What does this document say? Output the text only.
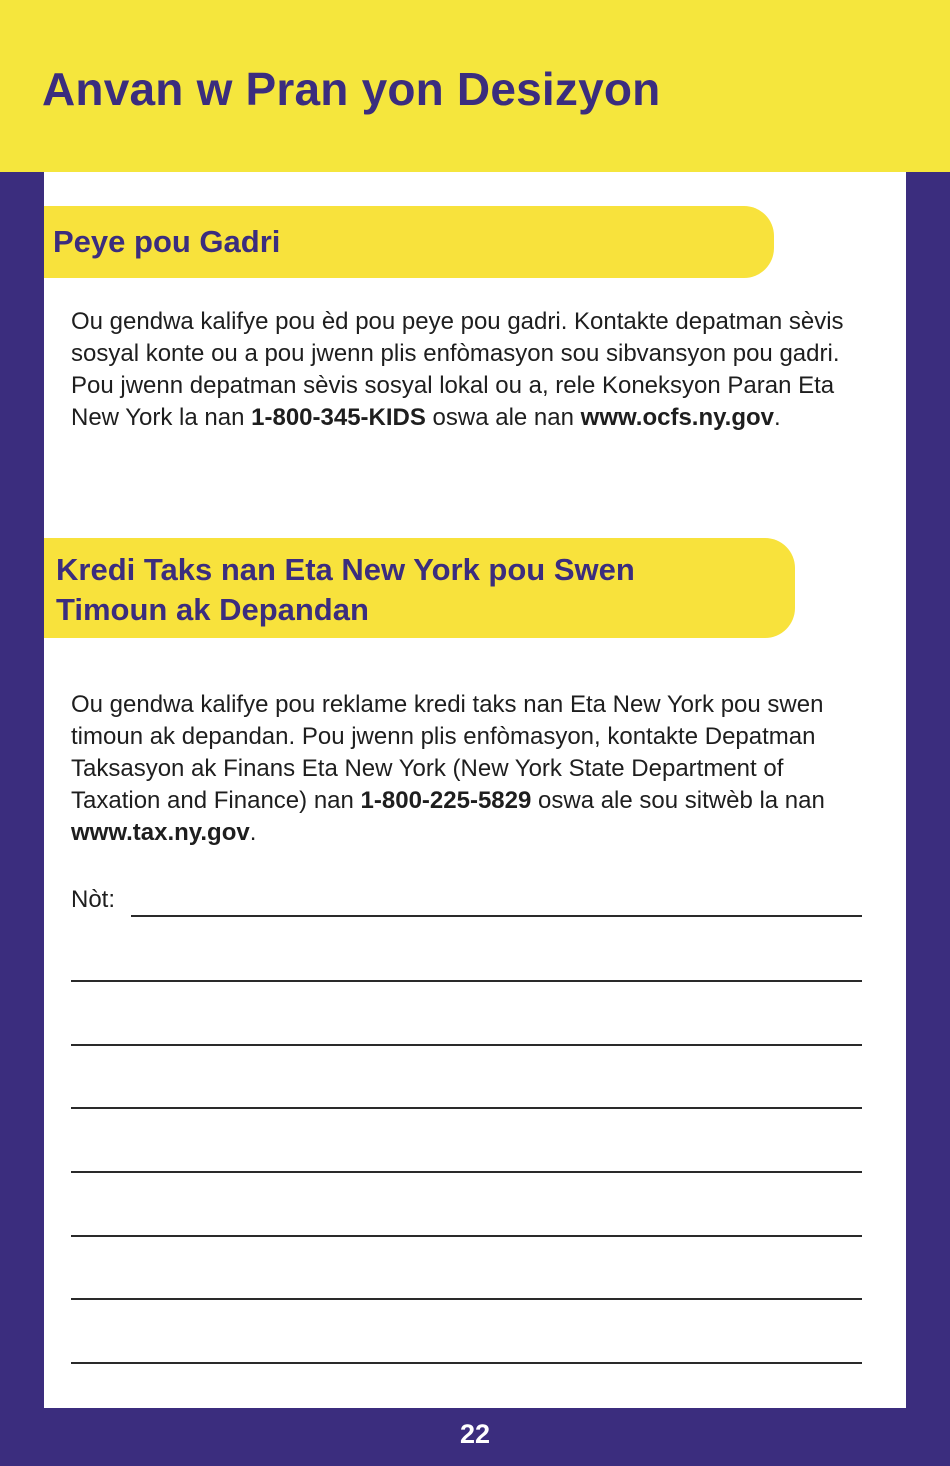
Anvan w Pran yon Desizyon
Peye pou Gadri

Ou gendwa kalifye pou èd pou peye pou gadri. Kontakte depatman sèvis sosyal konte ou a pou jwenn plis enfòmasyon sou sibvansyon pou gadri. Pou jwenn depatman sèvis sosyal lokal ou a, rele Koneksyon Paran Eta New York la nan 1-800-345-KIDS oswa ale nan www.ocfs.ny.gov.

Kredi Taks nan Eta New York pou Swen
Timoun ak Depandan

Ou gendwa kalifye pou reklame kredi taks nan Eta New York pou swen timoun ak depandan. Pou jwenn plis enfòmasyon, kontakte Depatman Taksasyon ak Finans Eta New York (New York State Department of Taxation and Finance) nan 1-800-225-5829 oswa ale sou sitwèb la nan www.tax.ny.gov.

Nòt:
22
